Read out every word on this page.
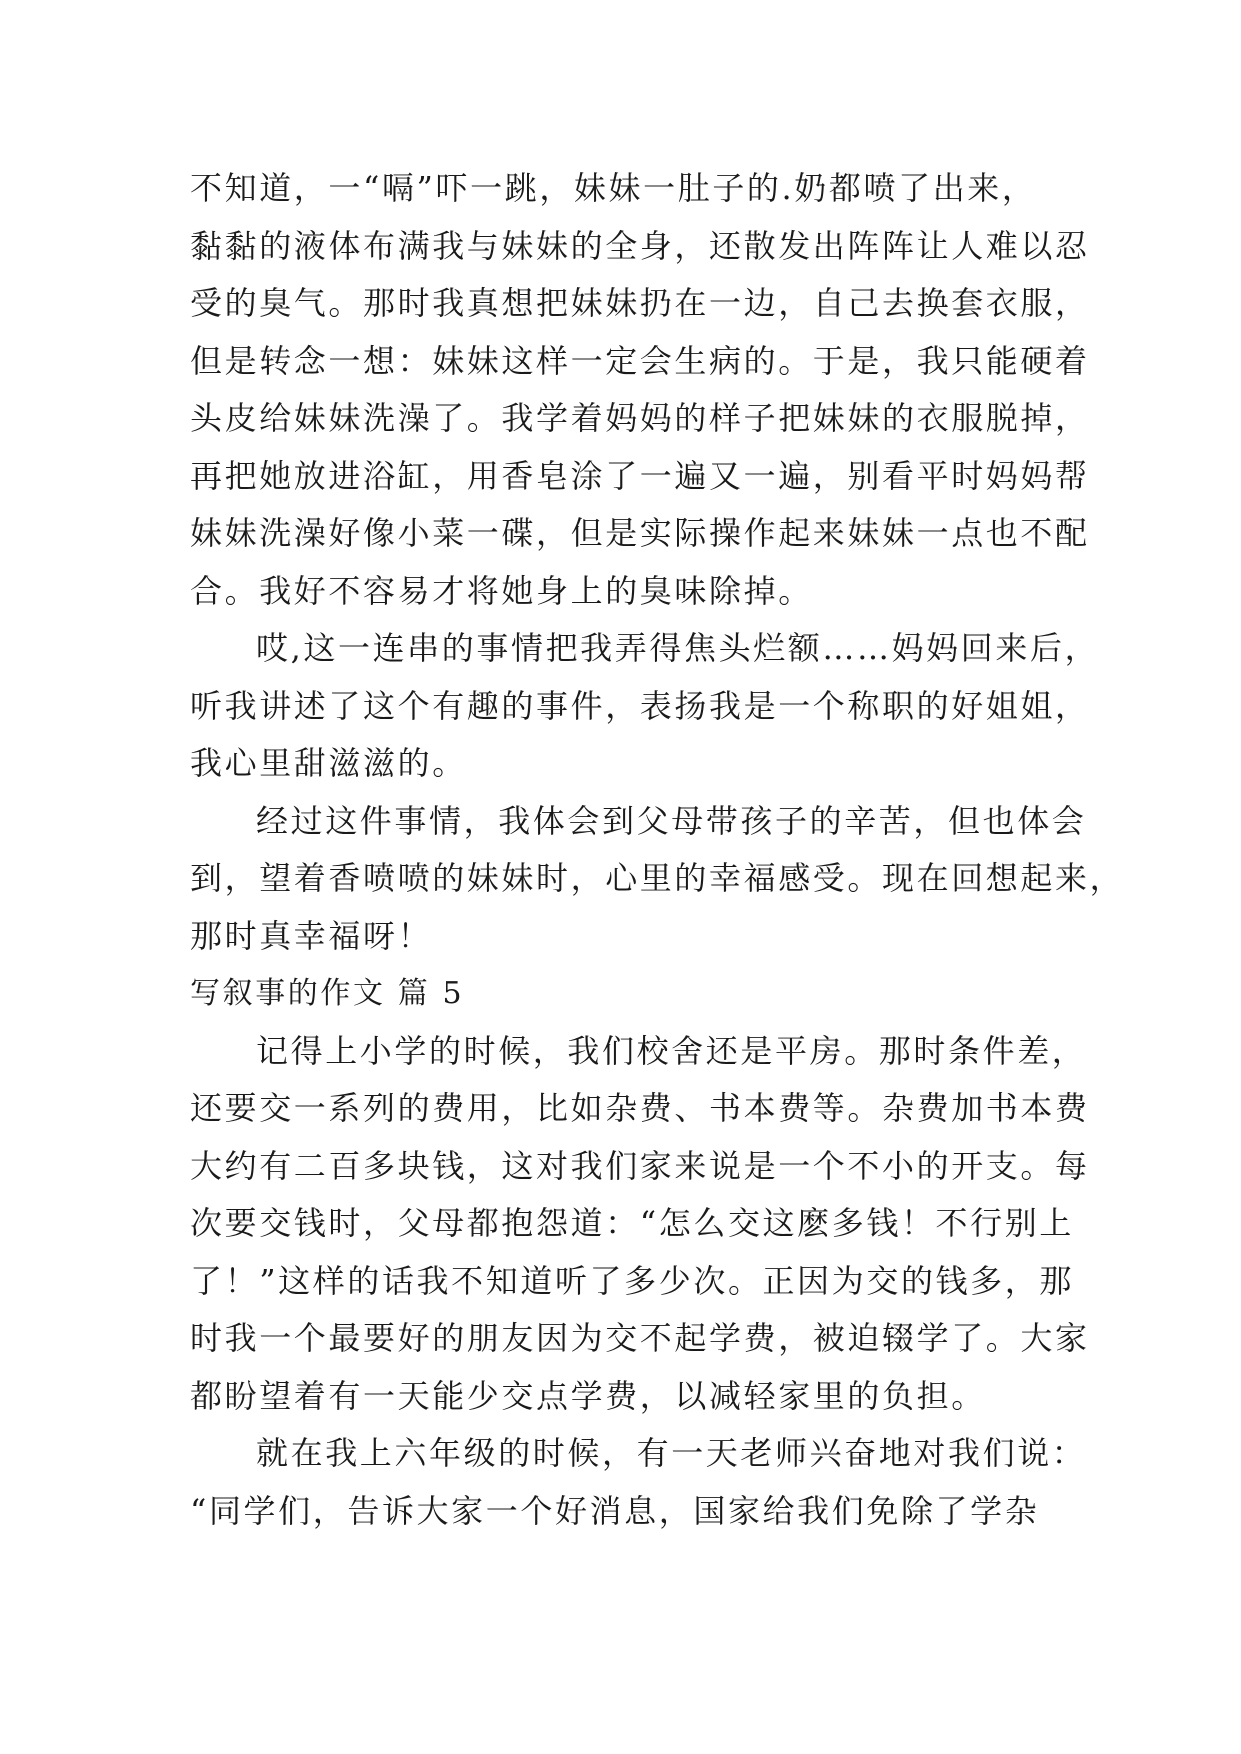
不知道，一“嗝”吓一跳，妹妹一肚子的.奶都喷了出来，
黏黏的液体布满我与妹妹的全身，还散发出阵阵让人难以忍
受的臭气。那时我真想把妹妹扔在一边，自己去换套衣服，
但是转念一想：妹妹这样一定会生病的。于是，我只能硬着
头皮给妹妹洗澡了。我学着妈妈的样子把妹妹的衣服脱掉，
再把她放进浴缸，用香皂涂了一遍又一遍，别看平时妈妈帮
妹妹洗澡好像小菜一碟，但是实际操作起来妹妹一点也不配
合。我好不容易才将她身上的臭味除掉。
哎,这一连串的事情把我弄得焦头烂额……妈妈回来后，
听我讲述了这个有趣的事件，表扬我是一个称职的好姐姐，
我心里甜滋滋的。
经过这件事情，我体会到父母带孩子的辛苦，但也体会
到，望着香喷喷的妹妹时，心里的幸福感受。现在回想起来，
那时真幸福呀！
写叙事的作文 篇 5
记得上小学的时候，我们校舍还是平房。那时条件差，
还要交一系列的费用，比如杂费、书本费等。杂费加书本费
大约有二百多块钱，这对我们家来说是一个不小的开支。每
次要交钱时，父母都抱怨道：“怎么交这麽多钱！不行别上
了！”这样的话我不知道听了多少次。正因为交的钱多，那
时我一个最要好的朋友因为交不起学费，被迫辍学了。大家
都盼望着有一天能少交点学费，以减轻家里的负担。
就在我上六年级的时候，有一天老师兴奋地对我们说：
“同学们，告诉大家一个好消息，国家给我们免除了学杂
